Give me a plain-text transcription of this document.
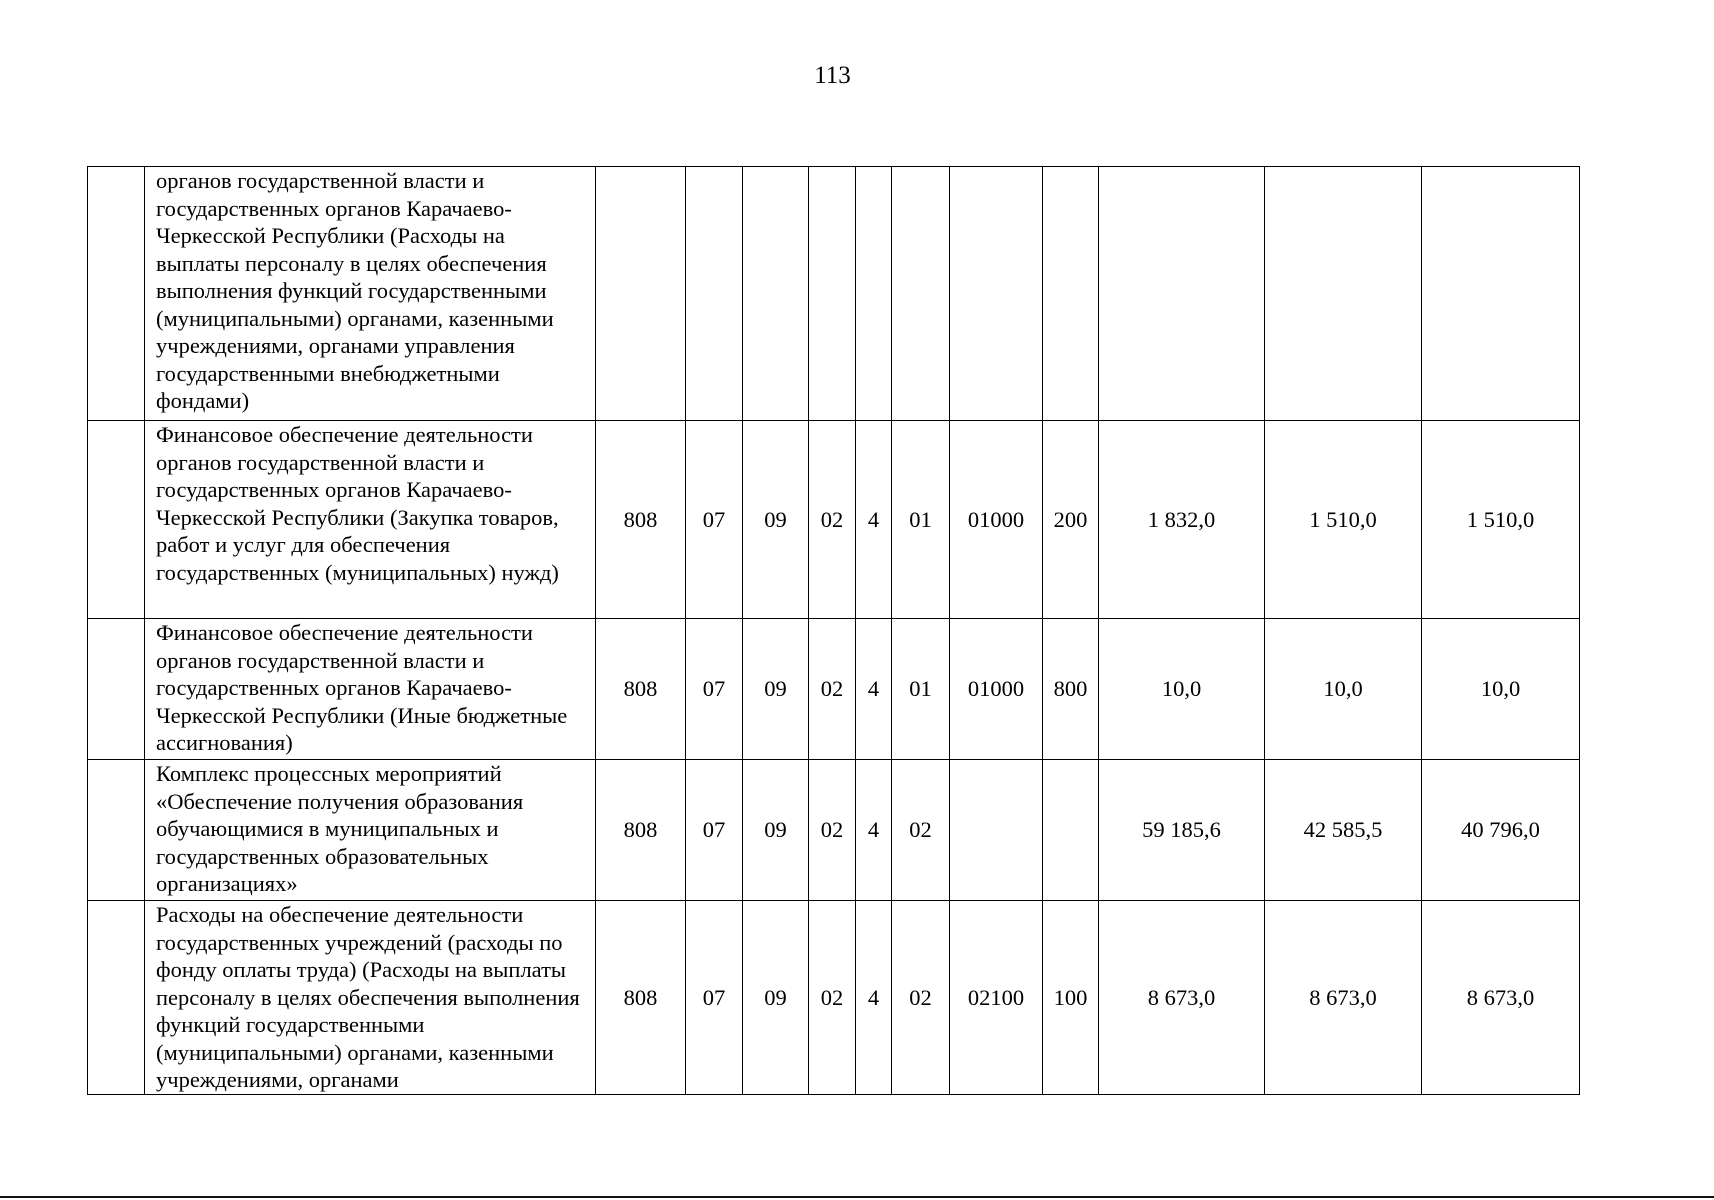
113
	органов государственной власти и государственных органов Карачаево-Черкесской Республики (Расходы на выплаты персоналу в целях обеспечения выполнения функций государственными (муниципальными) органами, казенными учреждениями, органами управления государственными внебюджетными фондами)											
	Финансовое обеспечение деятельности органов государственной власти и государственных органов Карачаево-Черкесской Республики (Закупка товаров, работ и услуг для обеспечения государственных (муниципальных) нужд)	808	07	09	02	4	01	01000	200	1 832,0	1 510,0	1 510,0
	Финансовое обеспечение деятельности органов государственной власти и государственных органов Карачаево-Черкесской Республики (Иные бюджетные ассигнования)	808	07	09	02	4	01	01000	800	10,0	10,0	10,0
	Комплекс процессных мероприятий «Обеспечение получения образования обучающимися в муниципальных и государственных образовательных организациях»	808	07	09	02	4	02			59 185,6	42 585,5	40 796,0
	Расходы на обеспечение деятельности государственных учреждений (расходы по фонду оплаты труда) (Расходы на выплаты персоналу в целях обеспечения выполнения функций государственными (муниципальными) органами, казенными учреждениями, органами	808	07	09	02	4	02	02100	100	8 673,0	8 673,0	8 673,0
